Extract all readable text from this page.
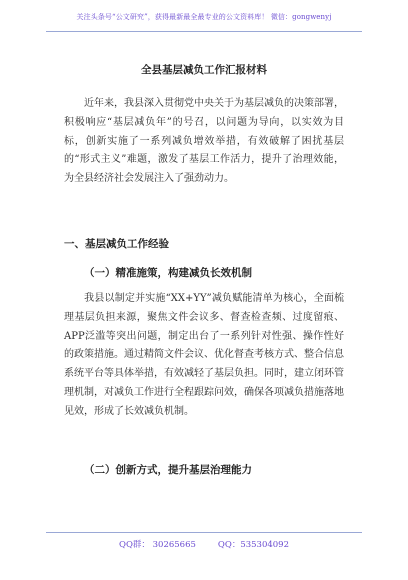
关注头条号“公文研究”，获得最新最全最专业的公文资料库！ 微信：gongwenyj
全县基层减负工作汇报材料

近年来，我县深入贯彻党中央关于为基层减负的决策部署，积极响应“基层减负年”的号召，以问题为导向，以实效为目标，创新实施了一系列减负增效举措，有效破解了困扰基层的“形式主义”难题，激发了基层工作活力，提升了治理效能，为全县经济社会发展注入了强劲动力。

一、基层减负工作经验
（一）精准施策，构建减负长效机制

我县以制定并实施“XX+YY”减负赋能清单为核心，全面梳理基层负担来源，聚焦文件会议多、督查检查频、过度留痕、APP泛滥等突出问题，制定出台了一系列针对性强、操作性好的政策措施。通过精简文件会议、优化督查考核方式、整合信息系统平台等具体举措，有效减轻了基层负担。同时，建立闭环管理机制，对减负工作进行全程跟踪问效，确保各项减负措施落地见效，形成了长效减负机制。

（二）创新方式，提升基层治理能力
QQ群： 30265665	QQ：535304092
